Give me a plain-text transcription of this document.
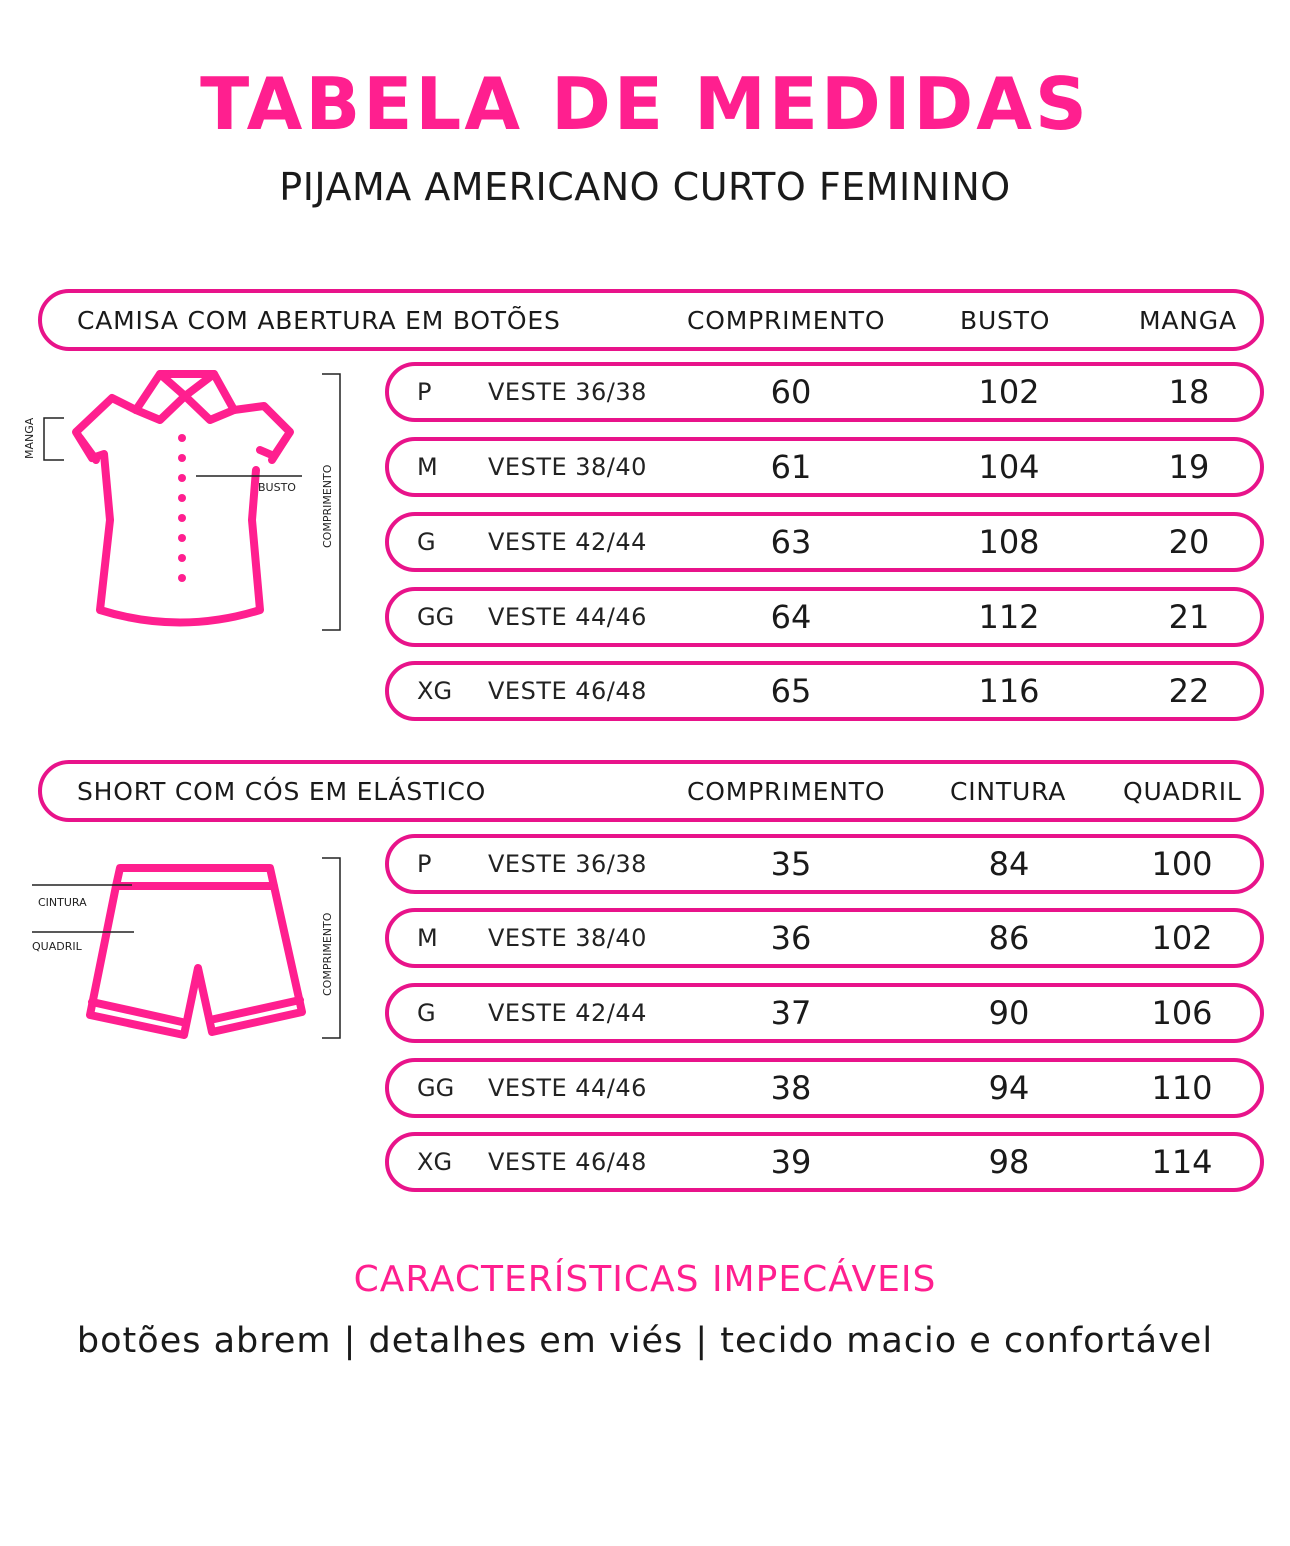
TABELA DE MEDIDAS
PIJAMA AMERICANO CURTO FEMININO
CAMISA COM ABERTURA EM BOTÕES	COMPRIMENTO	BUSTO	MANGA
P VESTE 36/38	60	102	18
M VESTE 38/40	61	104	19
G VESTE 42/44	63	108	20
GG VESTE 44/46	64	112	21
XG VESTE 46/48	65	116	22
MANGA
BUSTO COMPRIMENTO
SHORT COM CÓS EM ELÁSTICO	COMPRIMENTO	CINTURA QUADRIL
P VESTE 36/38	35	84	100
M VESTE 38/40	36	86	102
G VESTE 42/44	37	90	106
GG VESTE 44/46	38	94	110
XG VESTE 46/48	39	98	114
CINTURA
QUADRIL	COMPRIMENTO
CARACTERÍSTICAS IMPECÁVEIS
botões abrem | detalhes em viés | tecido macio e confortável
